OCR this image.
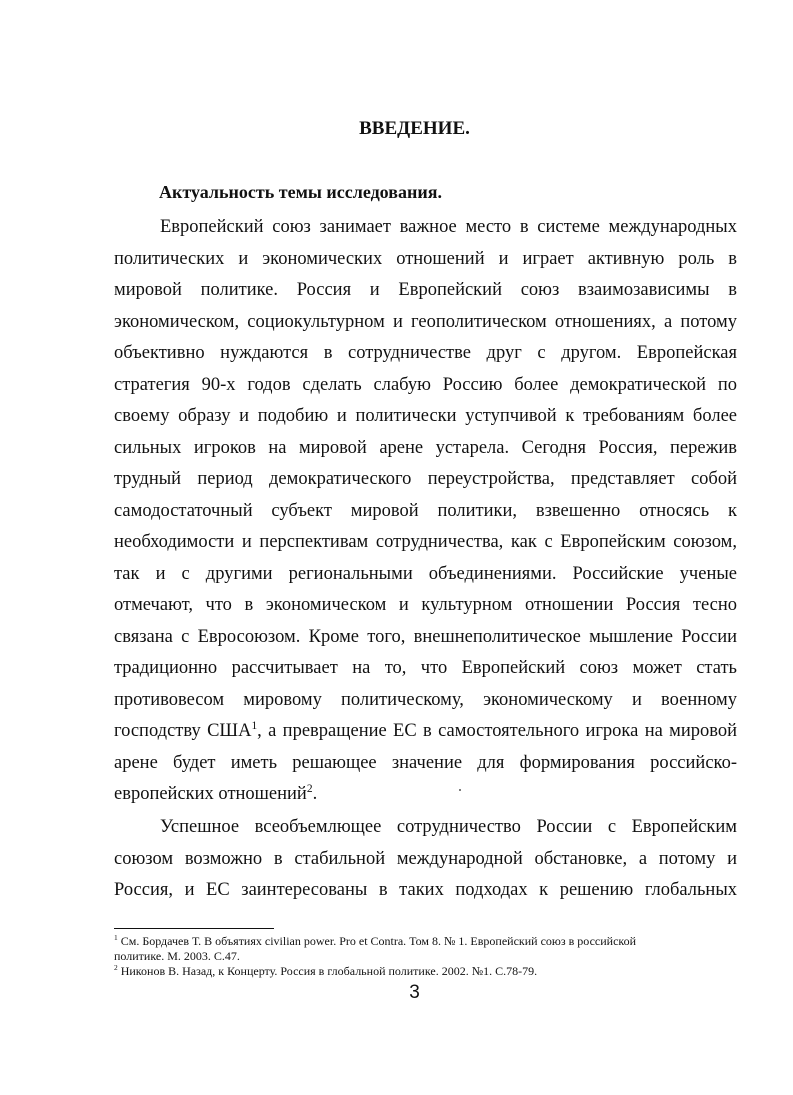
ВВЕДЕНИЕ.
Актуальность темы исследования.
Европейский союз занимает важное место в системе международных
политических и экономических отношений и играет активную роль в
мировой политике. Россия и Европейский союз взаимозависимы в
экономическом, социокультурном и геополитическом отношениях, а потому
объективно нуждаются в сотрудничестве друг с другом. Европейская
стратегия 90-х годов сделать слабую Россию более демократической по
своему образу и подобию и политически уступчивой к требованиям более
сильных игроков на мировой арене устарела. Сегодня Россия, пережив
трудный период демократического переустройства, представляет собой
самодостаточный субъект мировой политики, взвешенно относясь к
необходимости и перспективам сотрудничества, как с Европейским союзом,
так и с другими региональными объединениями. Российские ученые
отмечают, что в экономическом и культурном отношении Россия тесно
связана с Евросоюзом. Кроме того, внешнеполитическое мышление России
традиционно рассчитывает на то, что Европейский союз может стать
противовесом мировому политическому, экономическому и военному
господству США$^1$, а превращение ЕС в самостоятельного игрока на мировой
арене будет иметь решающее значение для формирования российско-
европейских отношений$^2$.
Успешное всеобъемлющее сотрудничество России с Европейским
союзом возможно в стабильной международной обстановке, а потому и
Россия, и ЕС заинтересованы в таких подходах к решению глобальных
$^1$ См. Бордачев Т. В объятиях civilian power. Pro et Contra. Том 8. № 1. Европейский союз в российской
политике. М. 2003. С.47.
$^2$ Никонов В. Назад, к Концерту. Россия в глобальной политике. 2002. №1. С.78-79.
3
